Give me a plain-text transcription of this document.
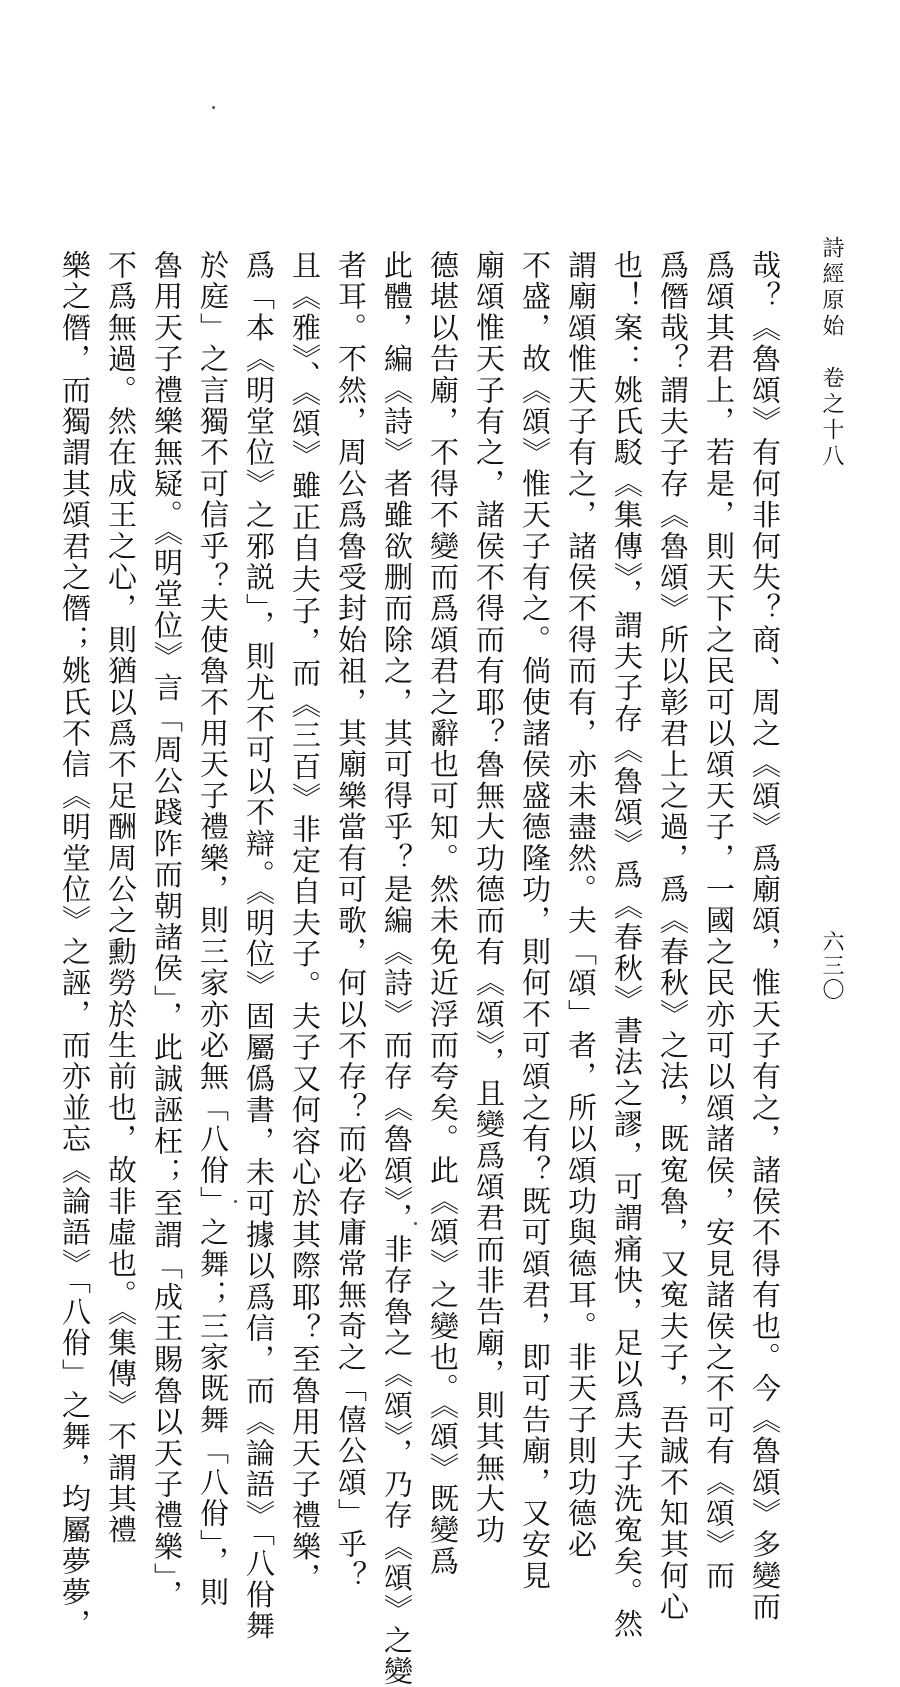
詩經原始卷之十八
六三〇
哉？《魯頌》有何非何失？商、周之《頌》爲廟頌，惟天子有之，諸侯不得有也。今《魯頌》多變而
爲頌其君上，若是，則天下之民可以頌天子，一國之民亦可以頌諸侯，安見諸侯之不可有《頌》而
爲僭哉？謂夫子存《魯頌》所以彰君上之過，爲《春秋》之法，既寃魯，又寃夫子，吾誠不知其何心
也！案：姚氏駁《集傳》，謂夫子存《魯頌》爲《春秋》書法之謬，可謂痛快，足以爲夫子洗寃矣。然
謂廟頌惟天子有之，諸侯不得而有，亦未盡然。夫「頌」者，所以頌功與德耳。非天子則功德必
不盛，故《頌》惟天子有之。倘使諸侯盛德隆功，則何不可頌之有？既可頌君，即可告廟，又安見
廟頌惟天子有之，諸侯不得而有耶？魯無大功德而有《頌》，且變爲頌君而非告廟，則其無大功
德堪以告廟，不得不變而爲頌君之辭也可知。然未免近浮而夸矣。此《頌》之變也。《頌》既變爲
此體，編《詩》者雖欲删而除之，其可得乎？是編《詩》而存《魯頌》，非存魯之《頌》，乃存《頌》之變
者耳。不然，周公爲魯受封始祖，其廟樂當有可歌，何以不存？而必存庸常無奇之「僖公頌」乎？
且《雅》、《頌》雖正自夫子，而《三百》非定自夫子。夫子又何容心於其際耶？至魯用天子禮樂，
爲「本《明堂位》之邪説」，則尤不可以不辯。《明位》固屬僞書，未可據以爲信，而《論語》「八佾舞
於庭」之言獨不可信乎？夫使魯不用天子禮樂，則三家亦必無「八佾」之舞；三家既舞「八佾」，則
魯用天子禮樂無疑。《明堂位》言「周公踐阼而朝諸侯」，此誠誣枉；至謂「成王賜魯以天子禮樂」，
不爲無過。然在成王之心，則猶以爲不足酬周公之勳勞於生前也，故非虛也。《集傳》不謂其禮
樂之僭，而獨謂其頌君之僭；姚氏不信《明堂位》之誣，而亦並忘《論語》「八佾」之舞，均屬夢夢，
